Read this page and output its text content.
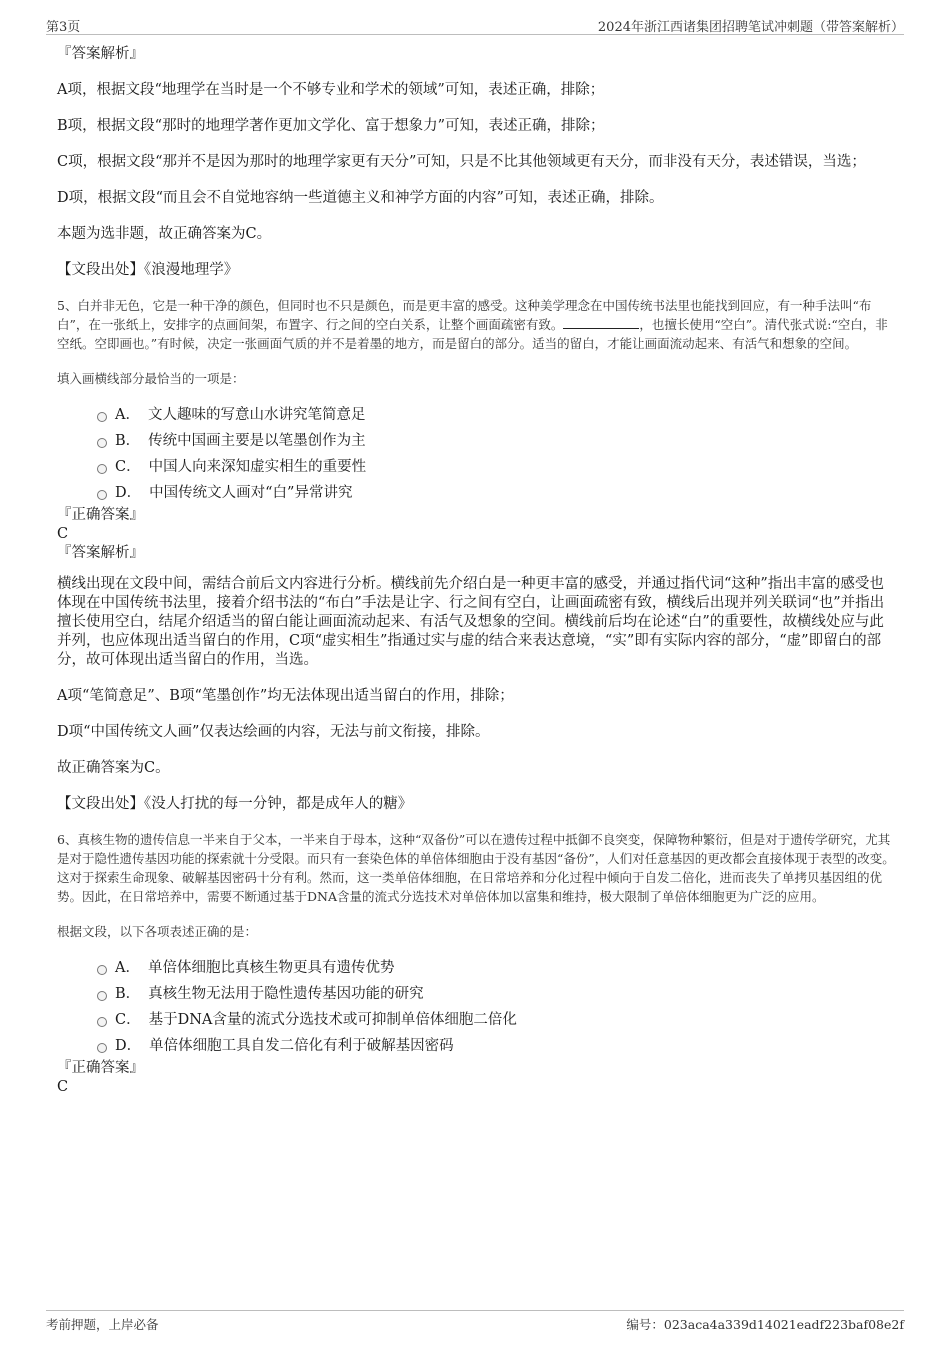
第3页	2024年浙江西诸集团招聘笔试冲刺题（带答案解析）

『答案解析』

A项，根据文段“地理学在当时是一个不够专业和学术的领域”可知，表述正确，排除；

B项，根据文段“那时的地理学著作更加文学化、富于想象力”可知，表述正确，排除；

C项，根据文段“那并不是因为那时的地理学家更有天分”可知，只是不比其他领域更有天分，而非没有天分，表述错误，当选；

D项，根据文段“而且会不自觉地容纳一些道德主义和神学方面的内容”可知，表述正确，排除。

本题为选非题，故正确答案为C。

【文段出处】《浪漫地理学》

5、白并非无色，它是一种干净的颜色，但同时也不只是颜色，而是更丰富的感受。这种美学理念在中国传统书法里也能找到回应，有一种手法叫“布白”，在一张纸上，安排字的点画间架，布置字、行之间的空白关系，让整个画面疏密有致。	，也擅长使用“空白”。清代张式说:“空白，非空纸。空即画也。”有时候，决定一张画面气质的并不是着墨的地方，而是留白的部分。适当的留白，才能让画面流动起来、有活气和想象的空间。

填入画横线部分最恰当的一项是：

A． 文人趣味的写意山水讲究笔简意足
B． 传统中国画主要是以笔墨创作为主
C． 中国人向来深知虚实相生的重要性
D． 中国传统文人画对“白”异常讲究

『正确答案』

C

『答案解析』

横线出现在文段中间，需结合前后文内容进行分析。横线前先介绍白是一种更丰富的感受，并通过指代词“这种”指出丰富的感受也体现在中国传统书法里，接着介绍书法的“布白”手法是让字、行之间有空白，让画面疏密有致，横线后出现并列关联词“也”并指出擅长使用空白，结尾介绍适当的留白能让画面流动起来、有活气及想象的空间。横线前后均在论述“白”的重要性，故横线处应与此并列，也应体现出适当留白的作用，C项“虚实相生”指通过实与虚的结合来表达意境，“实”即有实际内容的部分，“虚”即留白的部分，故可体现出适当留白的作用，当选。

A项“笔简意足”、B项“笔墨创作”均无法体现出适当留白的作用，排除；

D项“中国传统文人画”仅表达绘画的内容，无法与前文衔接，排除。

故正确答案为C。

【文段出处】《没人打扰的每一分钟，都是成年人的糖》

6、真核生物的遗传信息一半来自于父本，一半来自于母本，这种“双备份”可以在遗传过程中抵御不良突变，保障物种繁衍，但是对于遗传学研究，尤其是对于隐性遗传基因功能的探索就十分受限。而只有一套染色体的单倍体细胞由于没有基因“备份”，人们对任意基因的更改都会直接体现于表型的改变。这对于探索生命现象、破解基因密码十分有利。然而，这一类单倍体细胞，在日常培养和分化过程中倾向于自发二倍化，进而丧失了单拷贝基因组的优势。因此，在日常培养中，需要不断通过基于DNA含量的流式分选技术对单倍体加以富集和维持，极大限制了单倍体细胞更为广泛的应用。

根据文段，以下各项表述正确的是：

A． 单倍体细胞比真核生物更具有遗传优势
B． 真核生物无法用于隐性遗传基因功能的研究
C． 基于DNA含量的流式分选技术或可抑制单倍体细胞二倍化
D． 单倍体细胞工具自发二倍化有利于破解基因密码

『正确答案』

C

考前押题，上岸必备	编号：023aca4a339d14021eadf223baf08e2f
